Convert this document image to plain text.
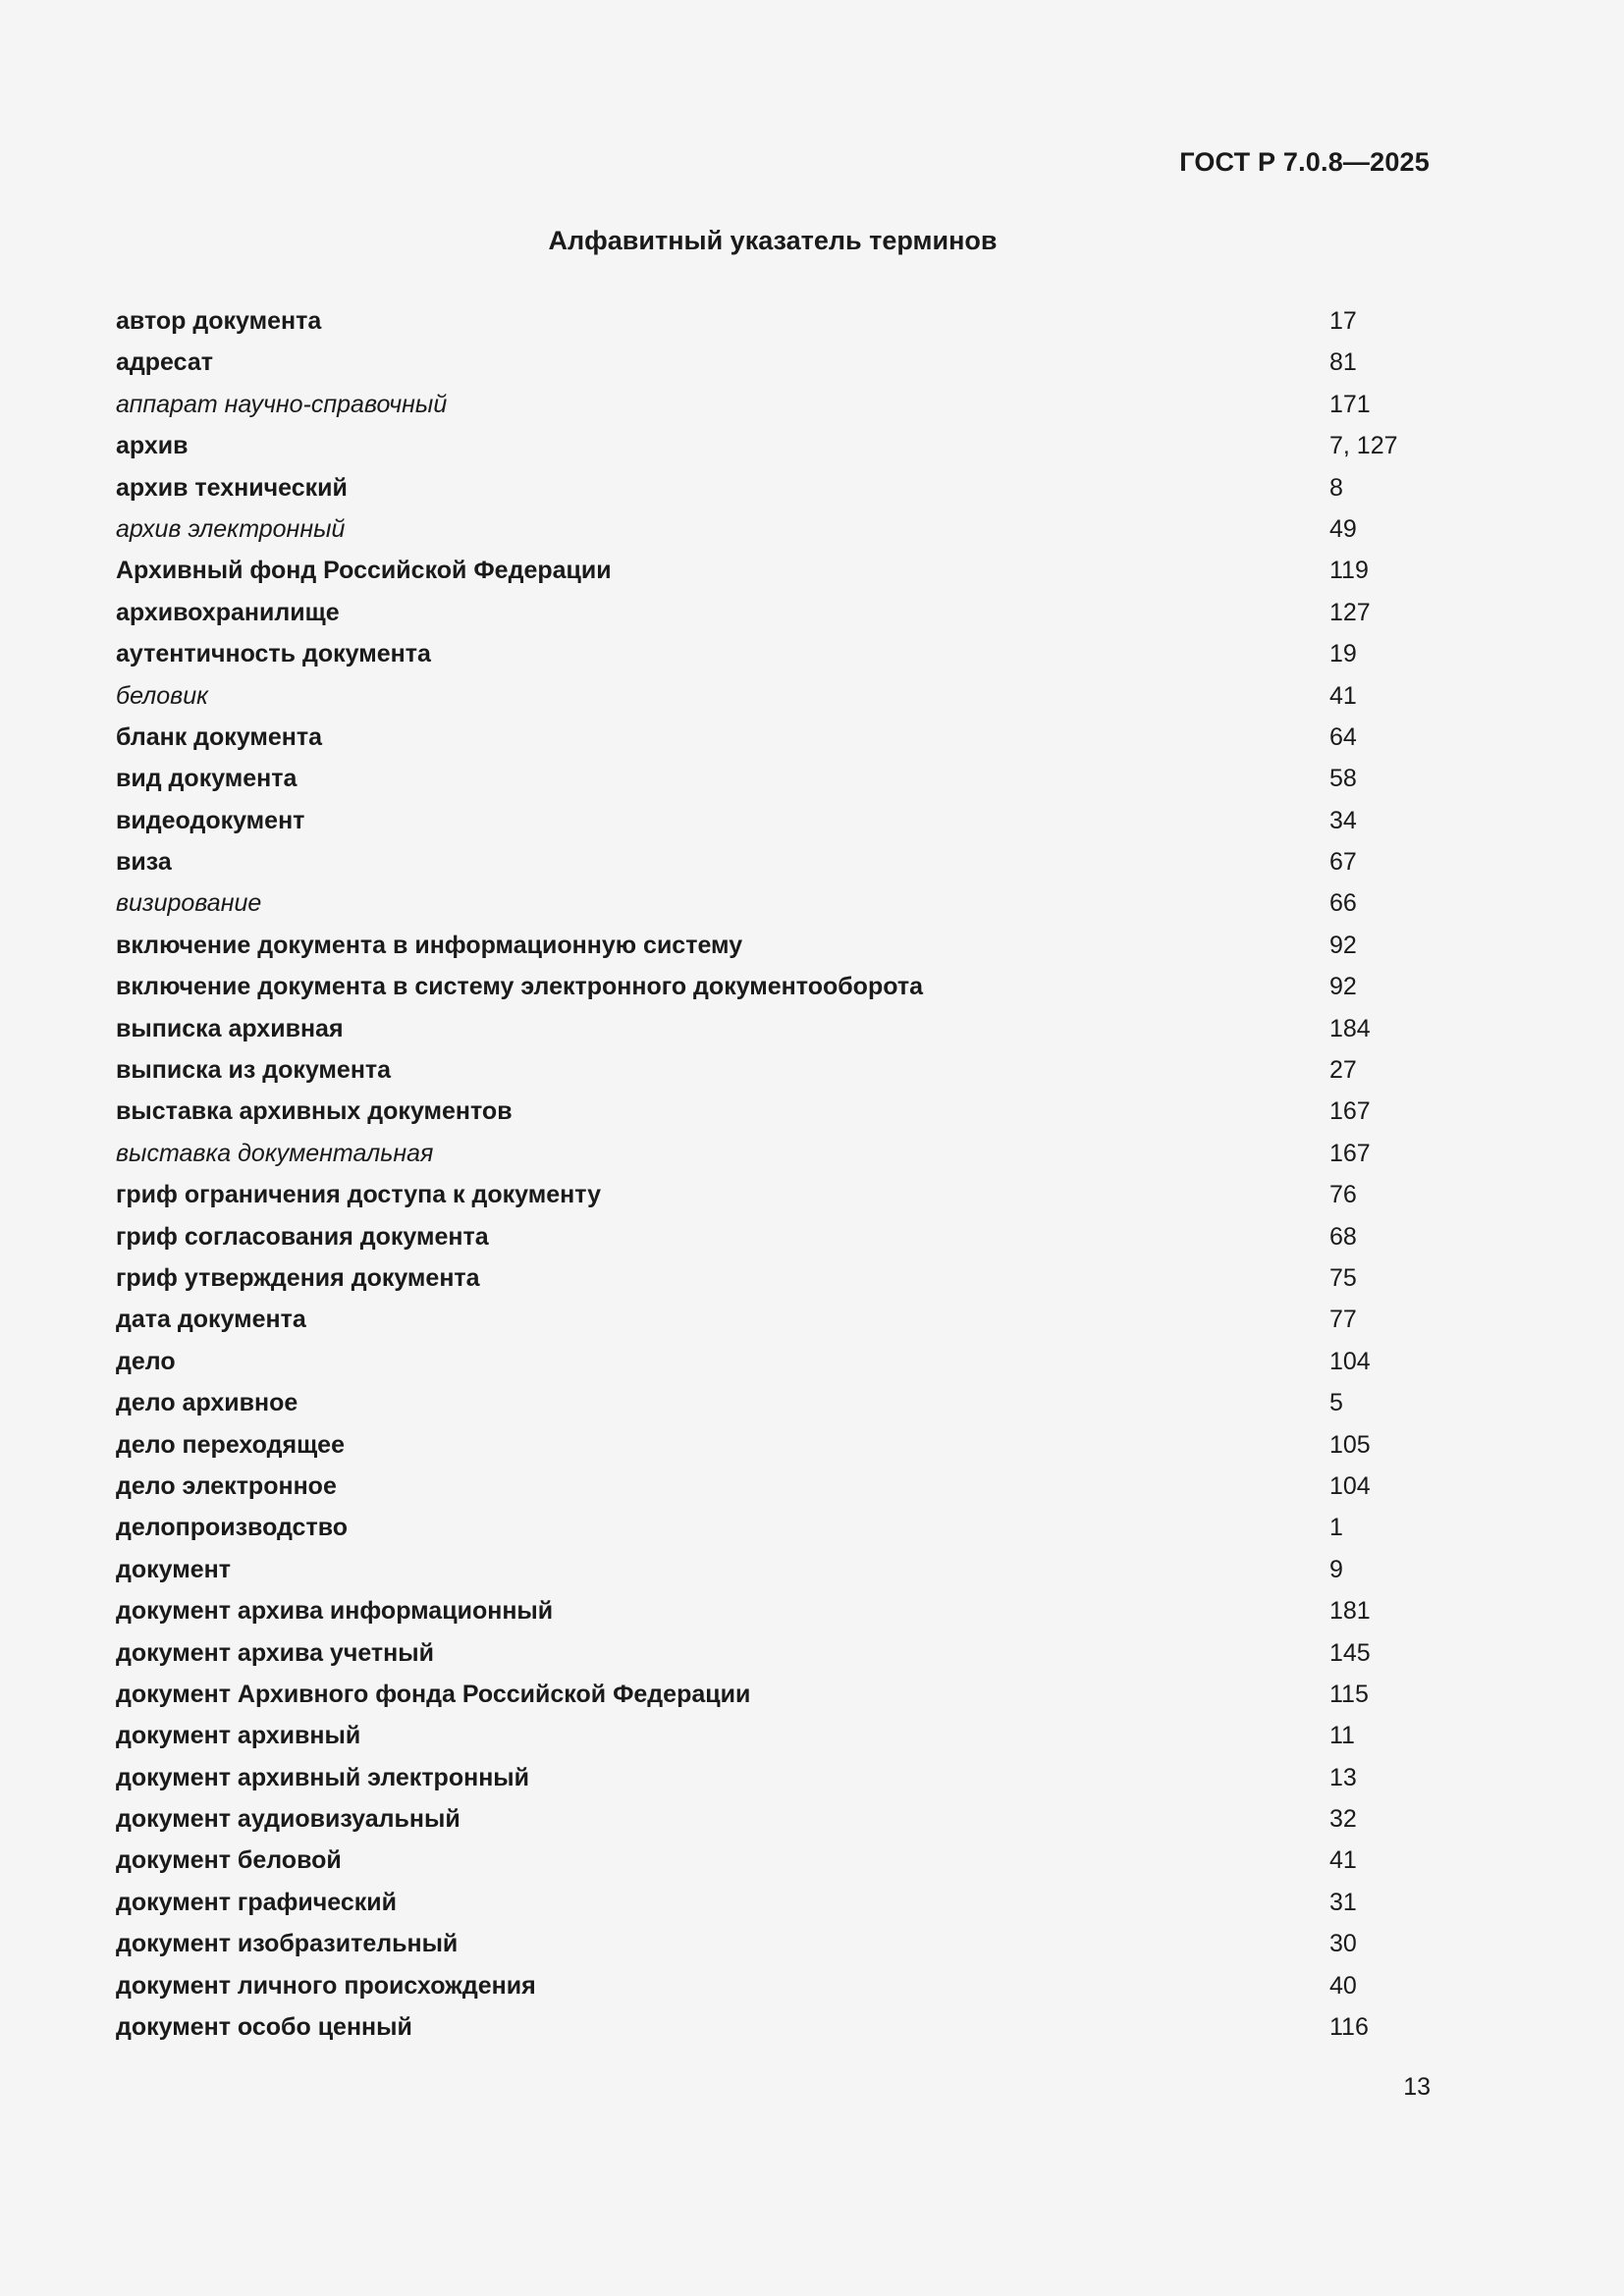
ГОСТ Р 7.0.8—2025
Алфавитный указатель терминов
автор документа	17
адресат	81
аппарат научно-справочный	171
архив	7, 127
архив технический	8
архив электронный	49
Архивный фонд Российской Федерации	119
архивохранилище	127
аутентичность документа	19
беловик	41
бланк документа	64
вид документа	58
видеодокумент	34
виза	67
визирование	66
включение документа в информационную систему	92
включение документа в систему электронного документооборота	92
выписка архивная	184
выписка из документа	27
выставка архивных документов	167
выставка документальная	167
гриф ограничения доступа к документу	76
гриф согласования документа	68
гриф утверждения документа	75
дата документа	77
дело	104
дело архивное	5
дело переходящее	105
дело электронное	104
делопроизводство	1
документ	9
документ архива информационный	181
документ архива учетный	145
документ Архивного фонда Российской Федерации	115
документ архивный	11
документ архивный электронный	13
документ аудиовизуальный	32
документ беловой	41
документ графический	31
документ изобразительный	30
документ личного происхождения	40
документ особо ценный	116
13
